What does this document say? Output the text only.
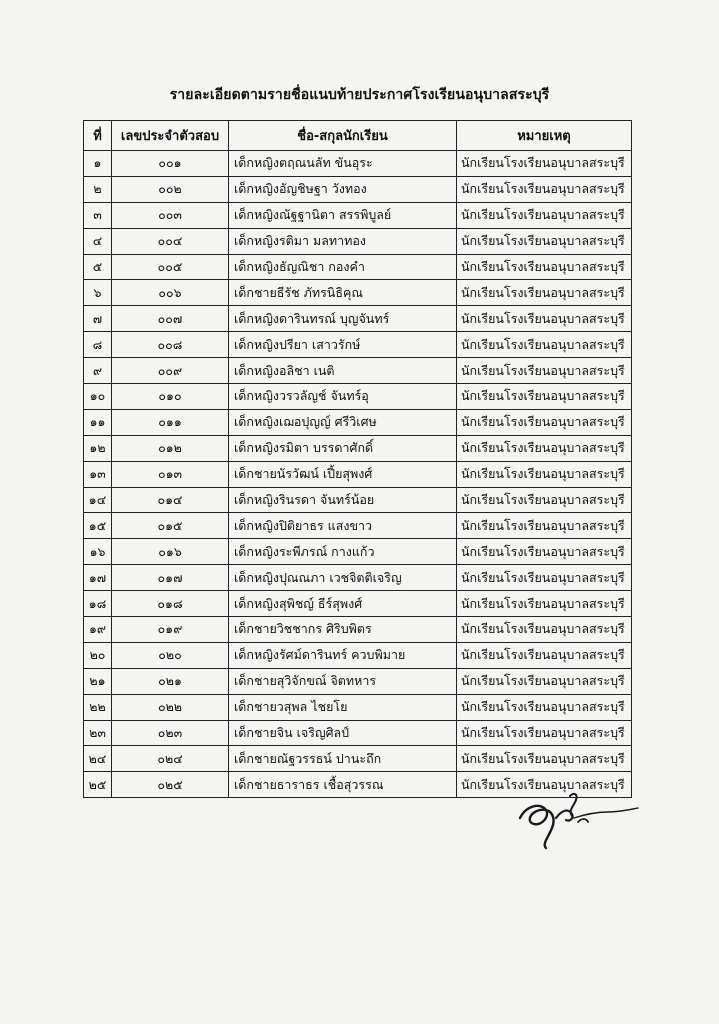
รายละเอียดตามรายชื่อแนบท้ายประกาศโรงเรียนอนุบาลสระบุรี
ที่	เลขประจำตัวสอบ	ชื่อ-สกุลนักเรียน	หมายเหตุ
๑	๐๐๑	เด็กหญิงตฤณนลัท ขันอุระ	นักเรียนโรงเรียนอนุบาลสระบุรี
๒	๐๐๒	เด็กหญิงอัญชิษฐา วังทอง	นักเรียนโรงเรียนอนุบาลสระบุรี
๓	๐๐๓	เด็กหญิงณัฐฐานิตา สรรพิบูลย์	นักเรียนโรงเรียนอนุบาลสระบุรี
๔	๐๐๔	เด็กหญิงรติมา มลทาทอง	นักเรียนโรงเรียนอนุบาลสระบุรี
๕	๐๐๕	เด็กหญิงธัญณิชา กองคำ	นักเรียนโรงเรียนอนุบาลสระบุรี
๖	๐๐๖	เด็กชายธีรัช ภัทรนิธิคุณ	นักเรียนโรงเรียนอนุบาลสระบุรี
๗	๐๐๗	เด็กหญิงดารินทรณ์ บุญจันทร์	นักเรียนโรงเรียนอนุบาลสระบุรี
๘	๐๐๘	เด็กหญิงปรียา เสาวรักษ์	นักเรียนโรงเรียนอนุบาลสระบุรี
๙	๐๐๙	เด็กหญิงอลิชา เนติ	นักเรียนโรงเรียนอนุบาลสระบุรี
๑๐	๐๑๐	เด็กหญิงวรวลัญช์ จันทร์อุ	นักเรียนโรงเรียนอนุบาลสระบุรี
๑๑	๐๑๑	เด็กหญิงเฌอปุญญ์ ศรีวิเศษ	นักเรียนโรงเรียนอนุบาลสระบุรี
๑๒	๐๑๒	เด็กหญิงรมิตา บรรดาศักดิ์	นักเรียนโรงเรียนอนุบาลสระบุรี
๑๓	๐๑๓	เด็กชายนัรวัฒน์ เปี้ยสุพงศ์	นักเรียนโรงเรียนอนุบาลสระบุรี
๑๔	๐๑๔	เด็กหญิงรินรดา จันทร์น้อย	นักเรียนโรงเรียนอนุบาลสระบุรี
๑๕	๐๑๕	เด็กหญิงปิติยาธร แสงขาว	นักเรียนโรงเรียนอนุบาลสระบุรี
๑๖	๐๑๖	เด็กหญิงระพีภรณ์ กางแก้ว	นักเรียนโรงเรียนอนุบาลสระบุรี
๑๗	๐๑๗	เด็กหญิงปุณณภา เวชจิตติเจริญ	นักเรียนโรงเรียนอนุบาลสระบุรี
๑๘	๐๑๘	เด็กหญิงสุพิชญ์ ธีร์สุพงศ์	นักเรียนโรงเรียนอนุบาลสระบุรี
๑๙	๐๑๙	เด็กชายวิชชากร ศิริบพิตร	นักเรียนโรงเรียนอนุบาลสระบุรี
๒๐	๐๒๐	เด็กหญิงรัศม์ดารินทร์ ควบพิมาย	นักเรียนโรงเรียนอนุบาลสระบุรี
๒๑	๐๒๑	เด็กชายสุวิจักขณ์ จิตทหาร	นักเรียนโรงเรียนอนุบาลสระบุรี
๒๒	๐๒๒	เด็กชายวสุพล ไชยโย	นักเรียนโรงเรียนอนุบาลสระบุรี
๒๓	๐๒๓	เด็กชายจิน เจริญศิลป์	นักเรียนโรงเรียนอนุบาลสระบุรี
๒๔	๐๒๔	เด็กชายณัฐวรรธน์ ปานะถึก	นักเรียนโรงเรียนอนุบาลสระบุรี
๒๕	๐๒๕	เด็กชายธาราธร เชื้อสุวรรณ	นักเรียนโรงเรียนอนุบาลสระบุรี
